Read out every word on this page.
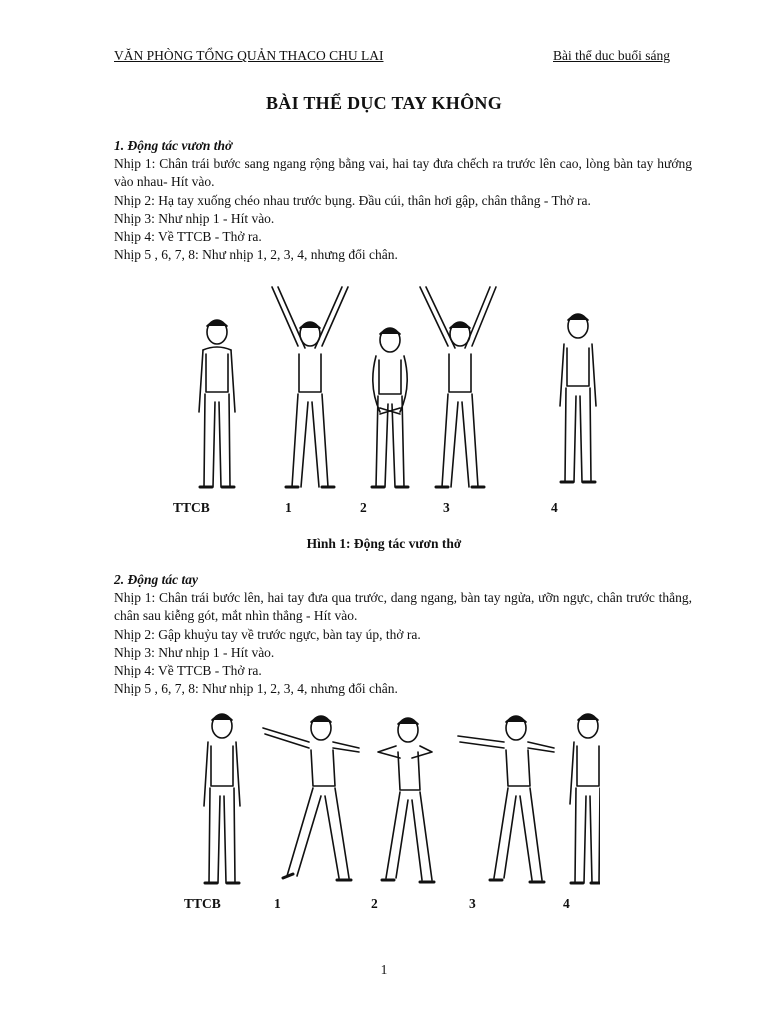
VĂN PHÒNG TỔNG QUẢN THACO CHU LAI	Bài thể duc buổi sáng
BÀI THỂ DỤC TAY KHÔNG
1. Động tác vươn thở

Nhịp 1: Chân trái bước sang ngang rộng bằng vai, hai tay đưa chếch ra trước lên cao, lòng bàn tay hướng vào nhau- Hít vào.

Nhịp 2: Hạ tay xuống chéo nhau trước bụng. Đầu cúi, thân hơi gập, chân thẳng - Thở ra.

Nhịp 3: Như nhịp 1 - Hít vào.

Nhịp 4: Về TTCB - Thở ra.

Nhịp 5 , 6, 7, 8: Như nhịp 1, 2, 3, 4, nhưng đổi chân.

TTCB	1	2	3	4
Hình 1: Động tác vươn thở
2. Động tác tay

Nhịp 1: Chân trái bước lên, hai tay đưa qua trước, dang ngang, bàn tay ngửa, ưỡn ngực, chân trước thẳng, chân sau kiễng gót, mắt nhìn thẳng - Hít vào.

Nhịp 2: Gập khuỷu tay về trước ngực, bàn tay úp, thở ra.

Nhịp 3: Như nhịp 1 - Hít vào.

Nhịp 4: Về TTCB - Thở ra.

Nhịp 5 , 6, 7, 8: Như nhịp 1, 2, 3, 4, nhưng đổi chân.

TTCB	1	2	3	4
1
